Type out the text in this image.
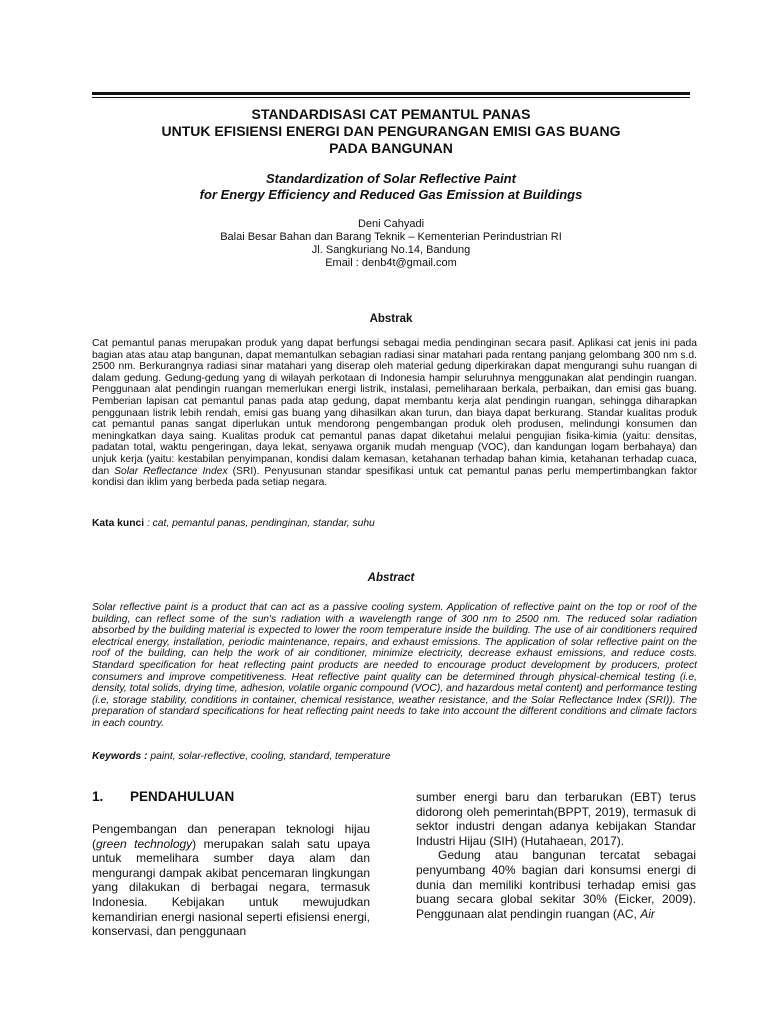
STANDARDISASI CAT PEMANTUL PANAS
UNTUK EFISIENSI ENERGI DAN PENGURANGAN EMISI GAS BUANG
PADA BANGUNAN
Standardization of Solar Reflective Paint
for Energy Efficiency and Reduced Gas Emission at Buildings
Deni Cahyadi
Balai Besar Bahan dan Barang Teknik – Kementerian Perindustrian RI
Jl. Sangkuriang No.14, Bandung
Email : denb4t@gmail.com
Abstrak
Cat pemantul panas merupakan produk yang dapat berfungsi sebagai media pendinginan secara pasif. Aplikasi cat jenis ini pada bagian atas atau atap bangunan, dapat memantulkan sebagian radiasi sinar matahari pada rentang panjang gelombang 300 nm s.d. 2500 nm. Berkurangnya radiasi sinar matahari yang diserap oleh material gedung diperkirakan dapat mengurangi suhu ruangan di dalam gedung. Gedung-gedung yang di wilayah perkotaan di Indonesia hampir seluruhnya menggunakan alat pendingin ruangan. Penggunaan alat pendingin ruangan memerlukan energi listrik, instalasi, pemeliharaan berkala, perbaikan, dan emisi gas buang. Pemberian lapisan cat pemantul panas pada atap gedung, dapat membantu kerja alat pendingin ruangan, sehingga diharapkan penggunaan listrik lebih rendah, emisi gas buang yang dihasilkan akan turun, dan biaya dapat berkurang. Standar kualitas produk cat pemantul panas sangat diperlukan untuk mendorong pengembangan produk oleh produsen, melindungi konsumen dan meningkatkan daya saing. Kualitas produk cat pemantul panas dapat diketahui melalui pengujian fisika-kimia (yaitu: densitas, padatan total, waktu pengeringan, daya lekat, senyawa organik mudah menguap (VOC), dan kandungan logam berbahaya) dan unjuk kerja (yaitu: kestabilan penyimpanan, kondisi dalam kemasan, ketahanan terhadap bahan kimia, ketahanan terhadap cuaca, dan Solar Reflectance Index (SRI). Penyusunan standar spesifikasi untuk cat pemantul panas perlu mempertimbangkan faktor kondisi dan iklim yang berbeda pada setiap negara.
Kata kunci : cat, pemantul panas, pendinginan, standar, suhu
Abstract
Solar reflective paint is a product that can act as a passive cooling system. Application of reflective paint on the top or roof of the building, can reflect some of the sun's radiation with a wavelength range of 300 nm to 2500 nm. The reduced solar radiation absorbed by the building material is expected to lower the room temperature inside the building. The use of air conditioners required electrical energy, installation, periodic maintenance, repairs, and exhaust emissions. The application of solar reflective paint on the roof of the building, can help the work of air conditioner, minimize electricity, decrease exhaust emissions, and reduce costs. Standard specification for heat reflecting paint products are needed to encourage product development by producers, protect consumers and improve competitiveness. Heat reflective paint quality can be determined through physical-chemical testing (i.e, density, total solids, drying time, adhesion, volatile organic compound (VOC), and hazardous metal content) and performance testing (i.e, storage stability, conditions in container, chemical resistance, weather resistance, and the Solar Reflectance Index (SRI)). The preparation of standard specifications for heat reflecting paint needs to take into account the different conditions and climate factors in each country.
Keywords : paint, solar-reflective, cooling, standard, temperature
1.	PENDAHULUAN
Pengembangan dan penerapan teknologi hijau (green technology) merupakan salah satu upaya untuk memelihara sumber daya alam dan mengurangi dampak akibat pencemaran lingkungan yang dilakukan di berbagai negara, termasuk Indonesia. Kebijakan untuk mewujudkan kemandirian energi nasional seperti efisiensi energi, konservasi, dan penggunaan

sumber energi baru dan terbarukan (EBT) terus didorong oleh pemerintah(BPPT, 2019), termasuk di sektor industri dengan adanya kebijakan Standar Industri Hijau (SIH) (Hutahaean, 2017).

Gedung atau bangunan tercatat sebagai penyumbang 40% bagian dari konsumsi energi di dunia dan memiliki kontribusi terhadap emisi gas buang secara global sekitar 30% (Eicker, 2009). Penggunaan alat pendingin ruangan (AC, Air
